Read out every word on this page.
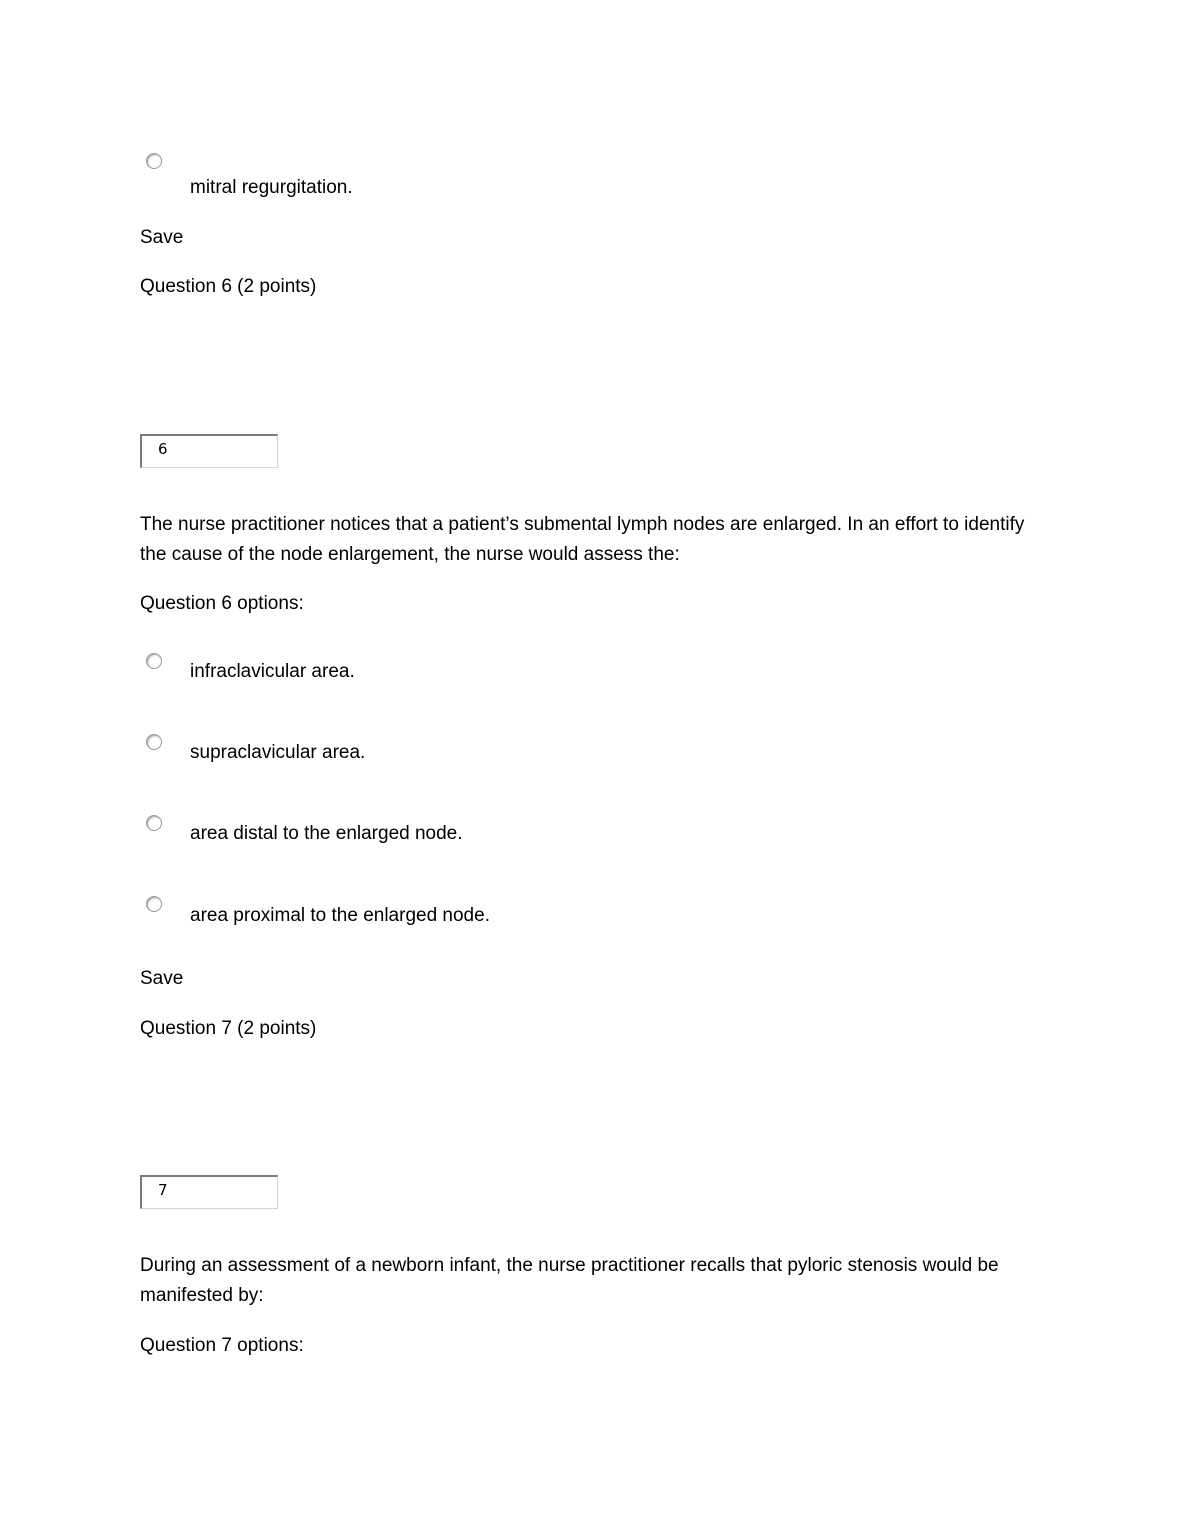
mitral regurgitation.
Save
Question 6 (2 points)
6
The nurse practitioner notices that a patient’s submental lymph nodes are enlarged. In an effort to identify the cause of the node enlargement, the nurse would assess the:
Question 6 options:
infraclavicular area.
supraclavicular area.
area distal to the enlarged node.
area proximal to the enlarged node.
Save
Question 7 (2 points)
7
During an assessment of a newborn infant, the nurse practitioner recalls that pyloric stenosis would be manifested by:
Question 7 options:
